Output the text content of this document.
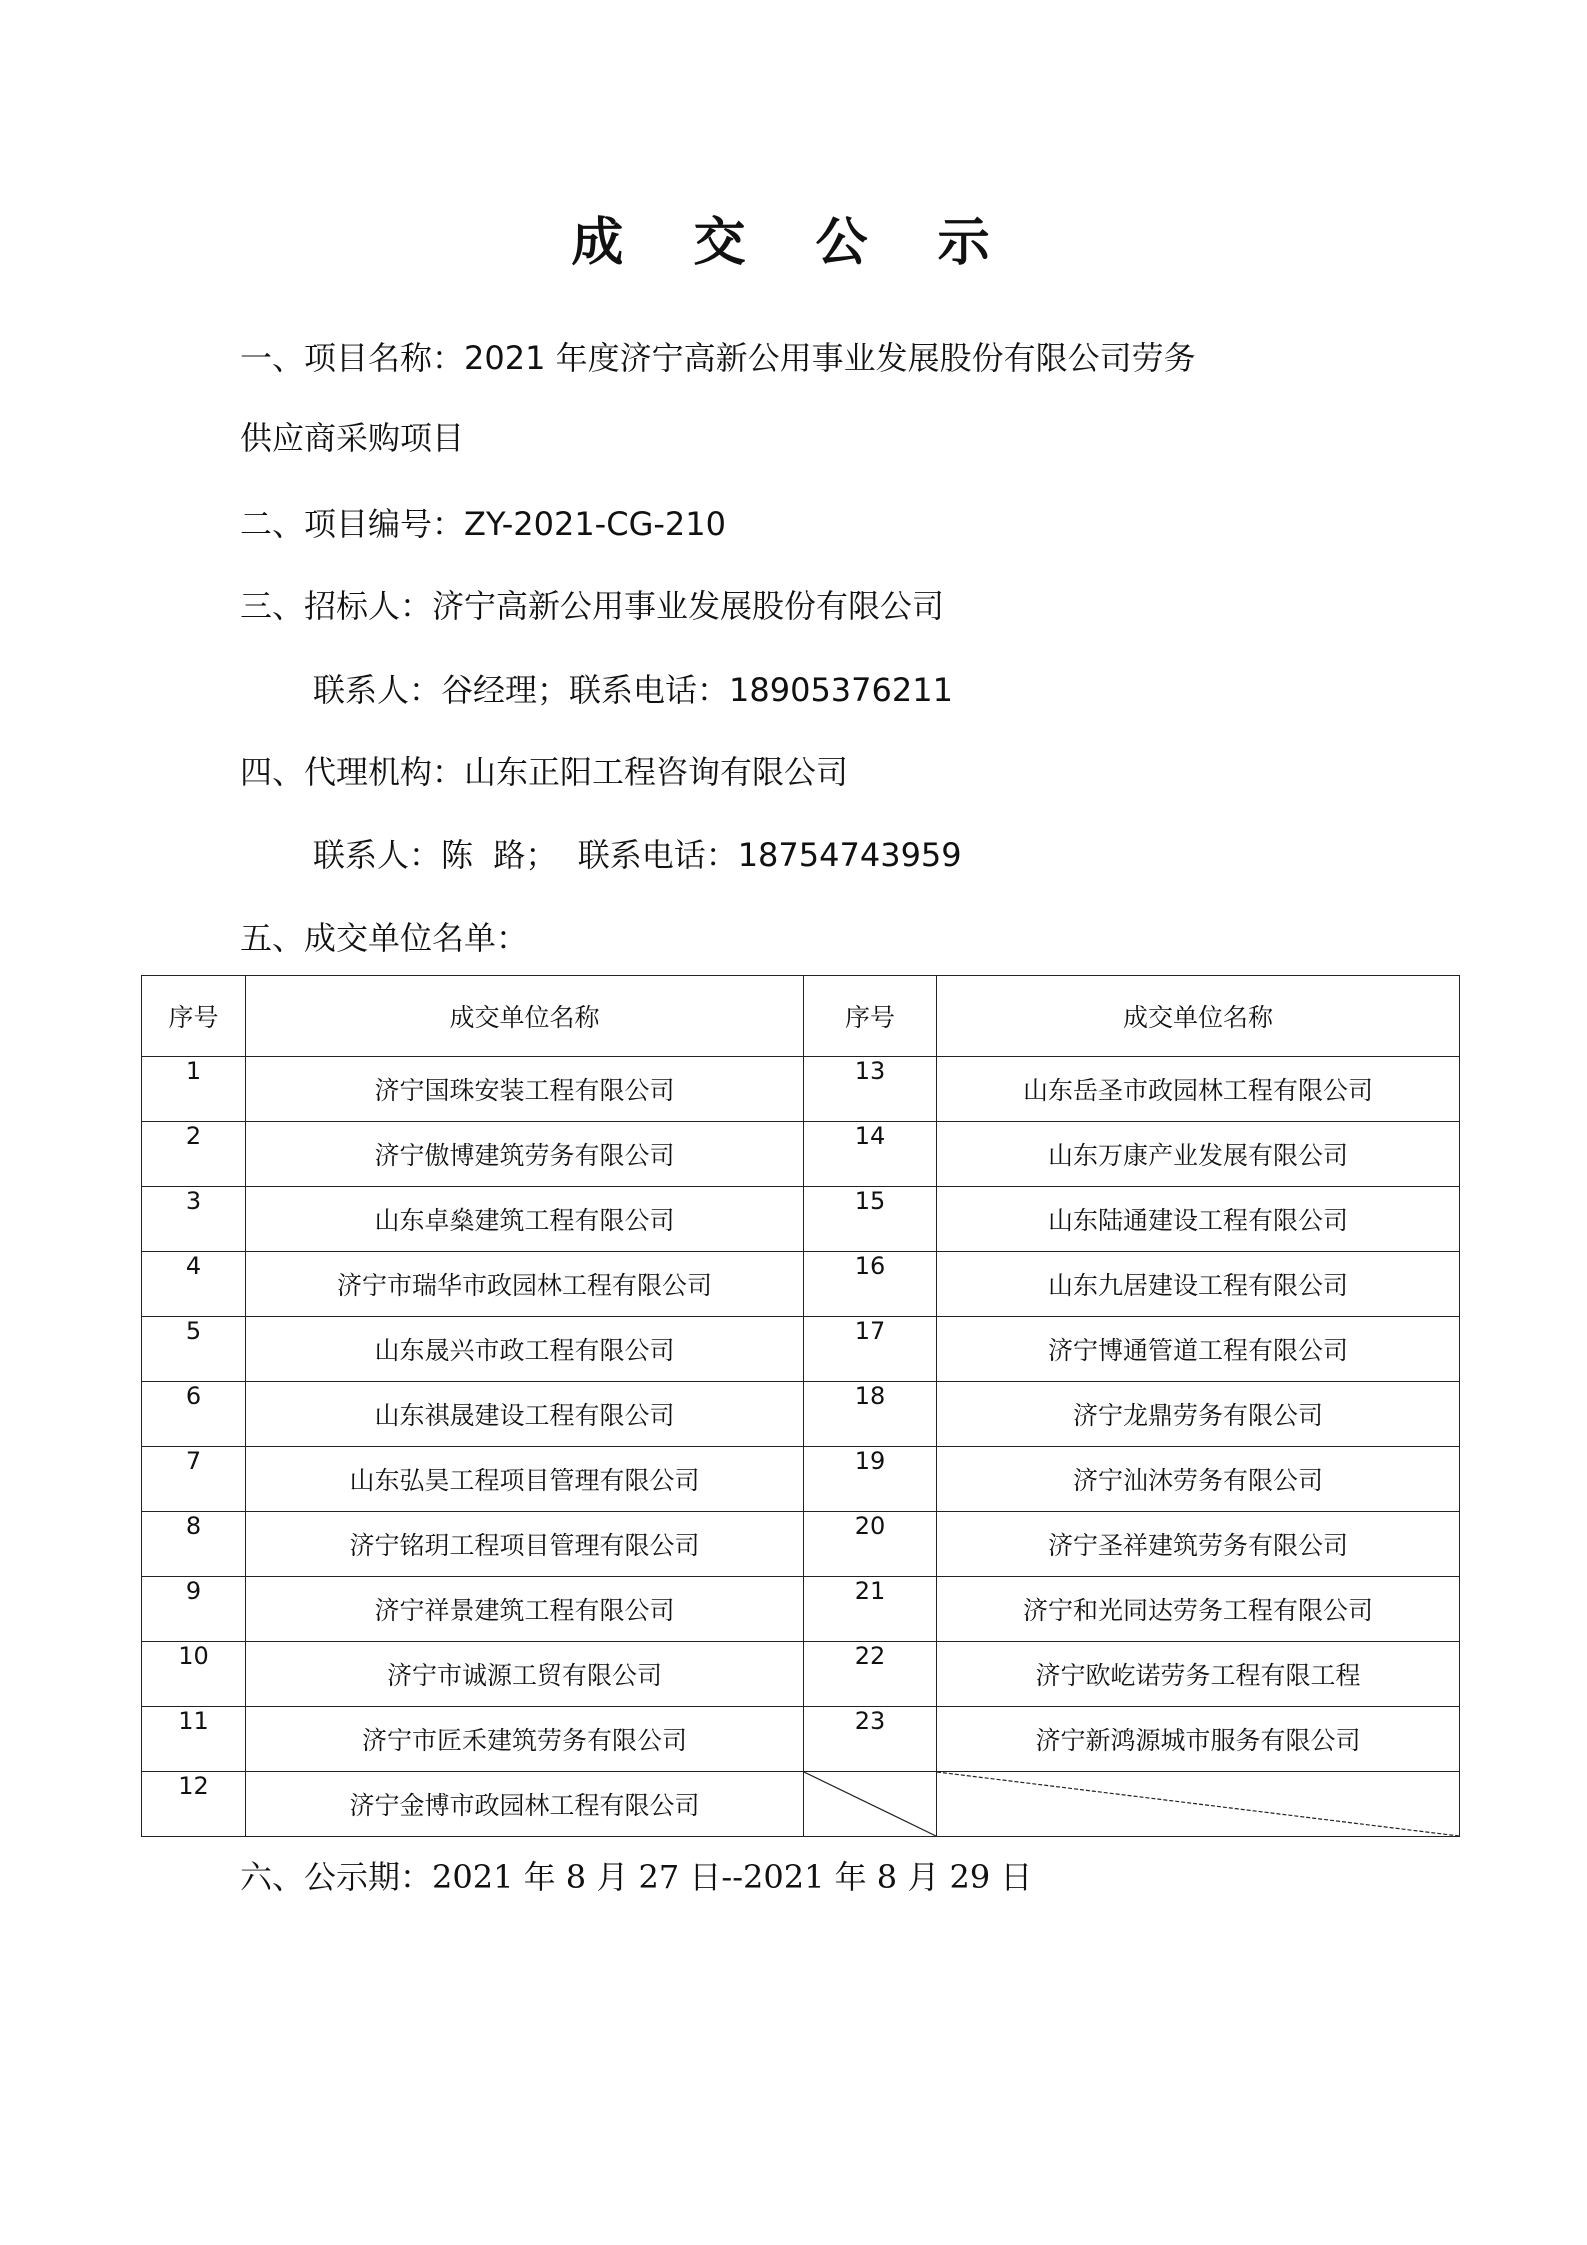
成 交 公 示
一、项目名称：2021 年度济宁高新公用事业发展股份有限公司劳务
供应商采购项目
二、项目编号：ZY-2021-CG-210
三、招标人：济宁高新公用事业发展股份有限公司
联系人：谷经理；联系电话：18905376211
四、代理机构：山东正阳工程咨询有限公司
联系人：陈  路；  联系电话：18754743959
五、成交单位名单：
序号	成交单位名称	序号	成交单位名称
1	济宁国珠安装工程有限公司	13	山东岳圣市政园林工程有限公司
2	济宁傲博建筑劳务有限公司	14	山东万康产业发展有限公司
3	山东卓燊建筑工程有限公司	15	山东陆通建设工程有限公司
4	济宁市瑞华市政园林工程有限公司	16	山东九居建设工程有限公司
5	山东晟兴市政工程有限公司	17	济宁博通管道工程有限公司
6	山东祺晟建设工程有限公司	18	济宁龙鼎劳务有限公司
7	山东弘昊工程项目管理有限公司	19	济宁汕沐劳务有限公司
8	济宁铭玥工程项目管理有限公司	20	济宁圣祥建筑劳务有限公司
9	济宁祥景建筑工程有限公司	21	济宁和光同达劳务工程有限公司
10	济宁市诚源工贸有限公司	22	济宁欧屹诺劳务工程有限工程
11	济宁市匠禾建筑劳务有限公司	23	济宁新鸿源城市服务有限公司
12	济宁金博市政园林工程有限公司	

六、公示期：2021 年 8 月 27 日--2021 年 8 月 29 日
